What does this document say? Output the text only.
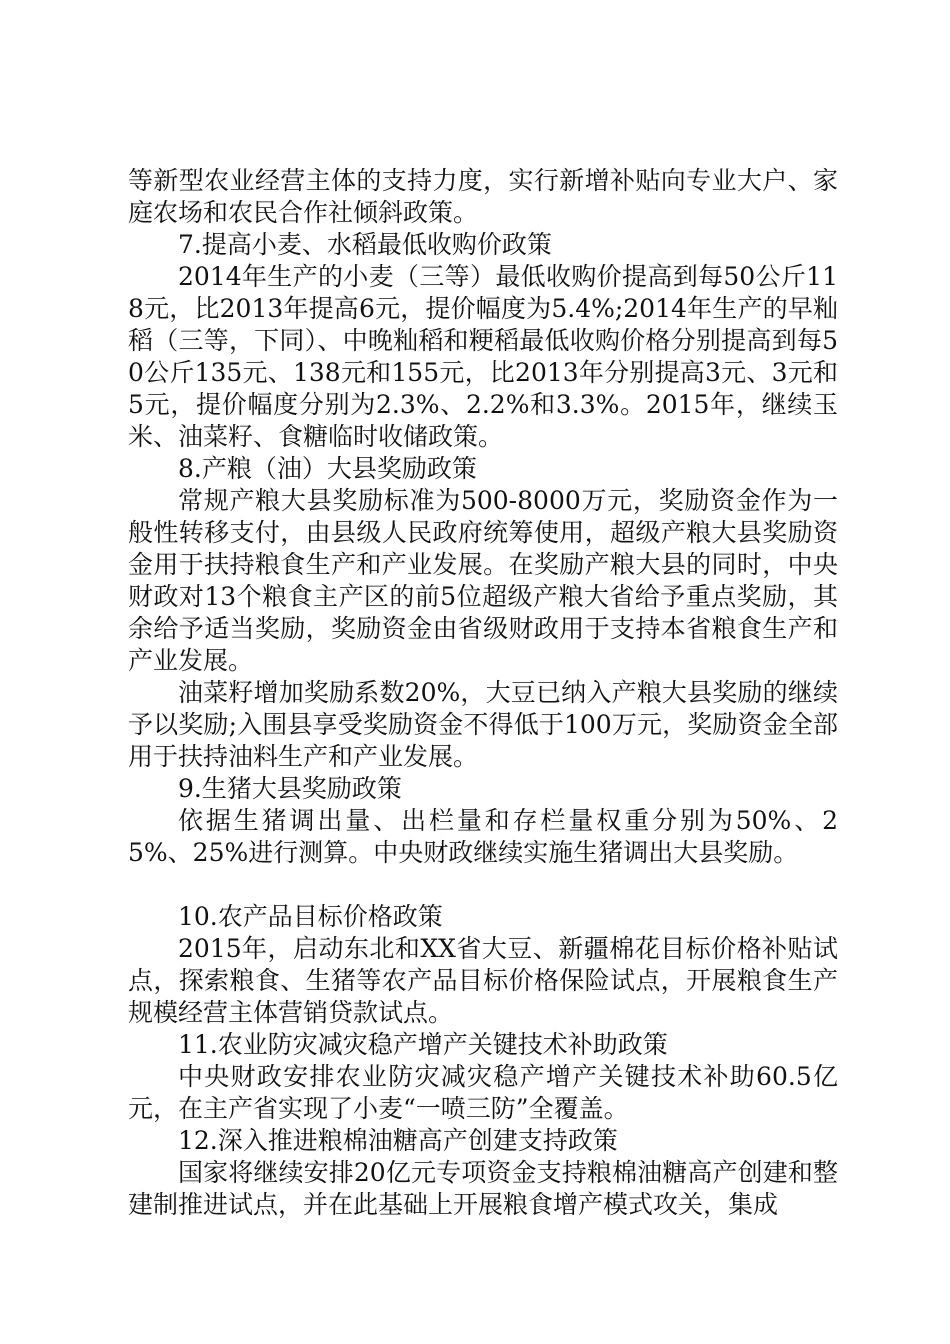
等新型农业经营主体的支持力度，实行新增补贴向专业大户、家庭农场和农民合作社倾斜政策。

7.提高小麦、水稻最低收购价政策

2014年生产的小麦（三等）最低收购价提高到每50公斤118元，比2013年提高6元，提价幅度为5.4%;2014年生产的早籼稻（三等，下同）、中晚籼稻和粳稻最低收购价格分别提高到每50公斤135元、138元和155元，比2013年分别提高3元、3元和5元，提价幅度分别为2.3%、2.2%和3.3%。2015年，继续玉米、油菜籽、食糖临时收储政策。

8.产粮（油）大县奖励政策

常规产粮大县奖励标准为500-8000万元，奖励资金作为一般性转移支付，由县级人民政府统筹使用，超级产粮大县奖励资金用于扶持粮食生产和产业发展。在奖励产粮大县的同时，中央财政对13个粮食主产区的前5位超级产粮大省给予重点奖励，其余给予适当奖励，奖励资金由省级财政用于支持本省粮食生产和产业发展。

油菜籽增加奖励系数20%，大豆已纳入产粮大县奖励的继续予以奖励;入围县享受奖励资金不得低于100万元，奖励资金全部用于扶持油料生产和产业发展。

9.生猪大县奖励政策

依据生猪调出量、出栏量和存栏量权重分别为50%、25%、25%进行测算。中央财政继续实施生猪调出大县奖励。

10.农产品目标价格政策

2015年，启动东北和XX省大豆、新疆棉花目标价格补贴试点，探索粮食、生猪等农产品目标价格保险试点，开展粮食生产规模经营主体营销贷款试点。

11.农业防灾减灾稳产增产关键技术补助政策

中央财政安排农业防灾减灾稳产增产关键技术补助60.5亿元，在主产省实现了小麦“一喷三防”全覆盖。

12.深入推进粮棉油糖高产创建支持政策

国家将继续安排20亿元专项资金支持粮棉油糖高产创建和整建制推进试点，并在此基础上开展粮食增产模式攻关，集成
